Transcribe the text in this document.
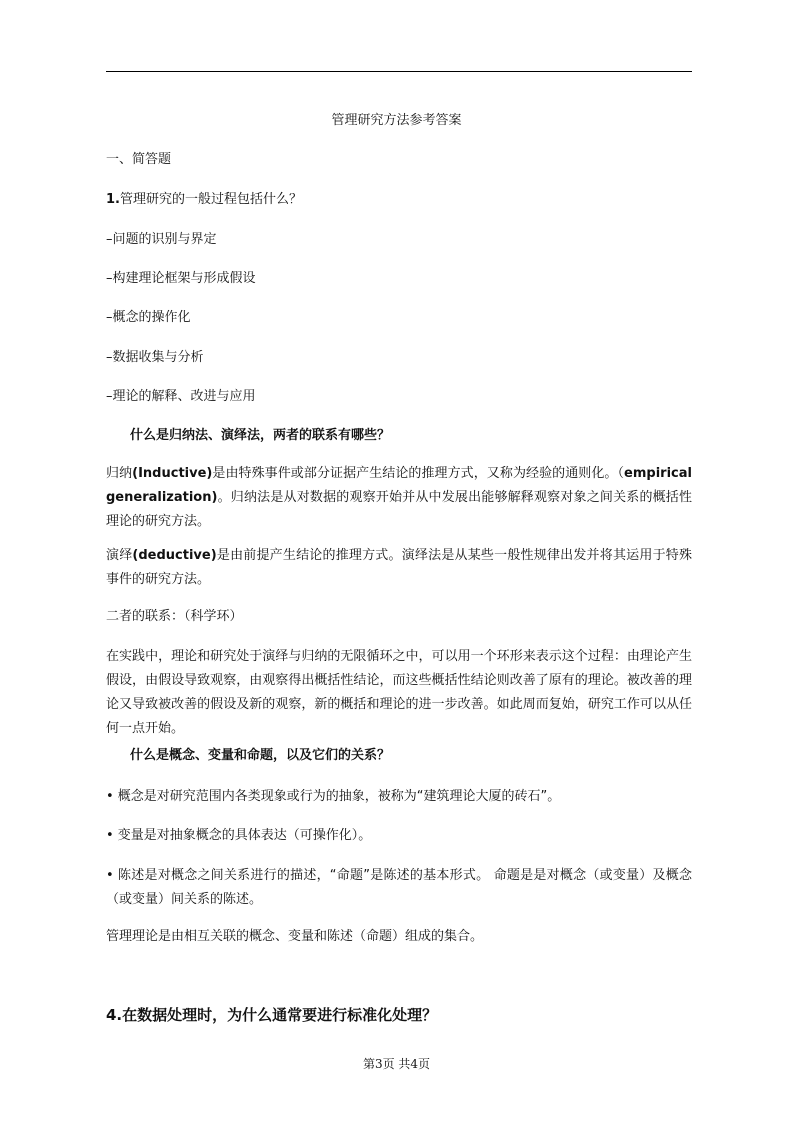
管理研究方法参考答案
一、简答题
1.管理研究的一般过程包括什么？
–问题的识别与界定
–构建理论框架与形成假设
–概念的操作化
–数据收集与分析
–理论的解释、改进与应用
什么是归纳法、演绎法，两者的联系有哪些？
归纳(Inductive)是由特殊事件或部分证据产生结论的推理方式，又称为经验的通则化。（empirical generalization)。归纳法是从对数据的观察开始并从中发展出能够解释观察对象之间关系的概括性理论的研究方法。
演绎(deductive)是由前提产生结论的推理方式。演绎法是从某些一般性规律出发并将其运用于特殊事件的研究方法。
二者的联系：（科学环）
在实践中，理论和研究处于演绎与归纳的无限循环之中，可以用一个环形来表示这个过程：由理论产生假设，由假设导致观察，由观察得出概括性结论，而这些概括性结论则改善了原有的理论。被改善的理论又导致被改善的假设及新的观察，新的概括和理论的进一步改善。如此周而复始，研究工作可以从任何一点开始。
什么是概念、变量和命题，以及它们的关系？
• 概念是对研究范围内各类现象或行为的抽象，被称为“建筑理论大厦的砖石”。
• 变量是对抽象概念的具体表达（可操作化）。
• 陈述是对概念之间关系进行的描述，“命题”是陈述的基本形式。 命题是是对概念（或变量）及概念（或变量）间关系的陈述。
管理理论是由相互关联的概念、变量和陈述（命题）组成的集合。
4.在数据处理时，为什么通常要进行标准化处理？
第3页 共4页
